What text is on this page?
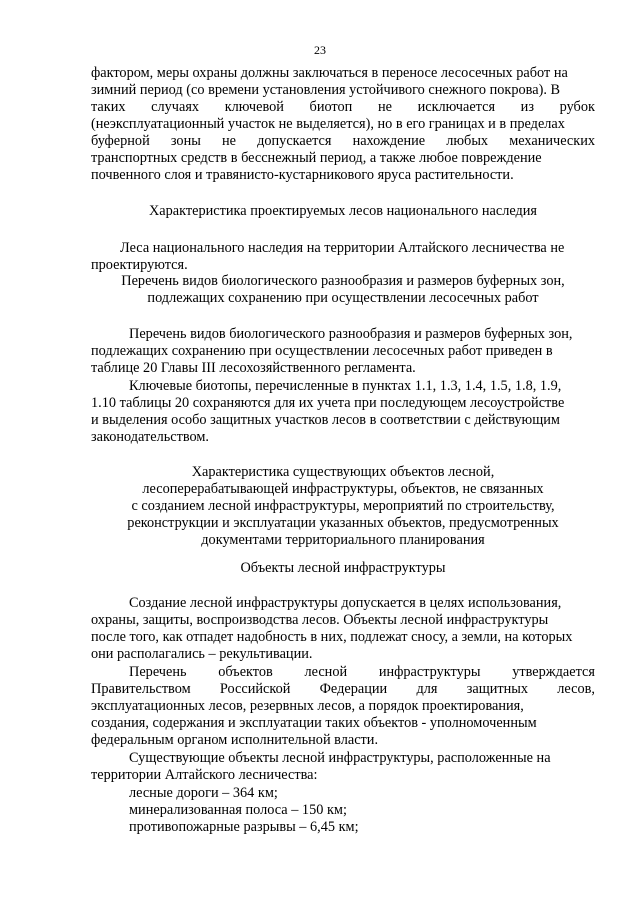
23
фактором, меры охраны должны заключаться в переносе лесосечных работ на
зимний период (со времени установления устойчивого снежного покрова). В
таких случаях ключевой биотоп не исключается из рубок
(неэксплуатационный участок не выделяется), но в его границах и в пределах
буферной зоны не допускается нахождение любых механических
транспортных средств в бесснежный период, а также любое повреждение
почвенного слоя и травянисто-кустарникового яруса растительности.
Характеристика проектируемых лесов национального наследия
Леса национального наследия на территории Алтайского лесничества не
проектируются.
Перечень видов биологического разнообразия и размеров буферных зон,
подлежащих сохранению при осуществлении лесосечных работ
Перечень видов биологического разнообразия и размеров буферных зон,
подлежащих сохранению при осуществлении лесосечных работ приведен в
таблице 20 Главы III лесохозяйственного регламента.
Ключевые биотопы, перечисленные в пунктах 1.1, 1.3, 1.4, 1.5, 1.8, 1.9,
1.10 таблицы 20 сохраняются для их учета при последующем лесоустройстве
и выделения особо защитных участков лесов в соответствии с действующим
законодательством.
Характеристика существующих объектов лесной,
лесоперерабатывающей инфраструктуры, объектов, не связанных
с созданием лесной инфраструктуры, мероприятий по строительству,
реконструкции и эксплуатации указанных объектов, предусмотренных
документами территориального планирования
Объекты лесной инфраструктуры
Создание лесной инфраструктуры допускается в целях использования,
охраны, защиты, воспроизводства лесов. Объекты лесной инфраструктуры
после того, как отпадет надобность в них, подлежат сносу, а земли, на которых
они располагались – рекультивации.
Перечень объектов лесной инфраструктуры утверждается
Правительством Российской Федерации для защитных лесов,
эксплуатационных лесов, резервных лесов, а порядок проектирования,
создания, содержания и эксплуатации таких объектов - уполномоченным
федеральным органом исполнительной власти.
Существующие объекты лесной инфраструктуры, расположенные на
территории Алтайского лесничества:
лесные дороги – 364 км;
минерализованная полоса – 150 км;
противопожарные разрывы – 6,45 км;
